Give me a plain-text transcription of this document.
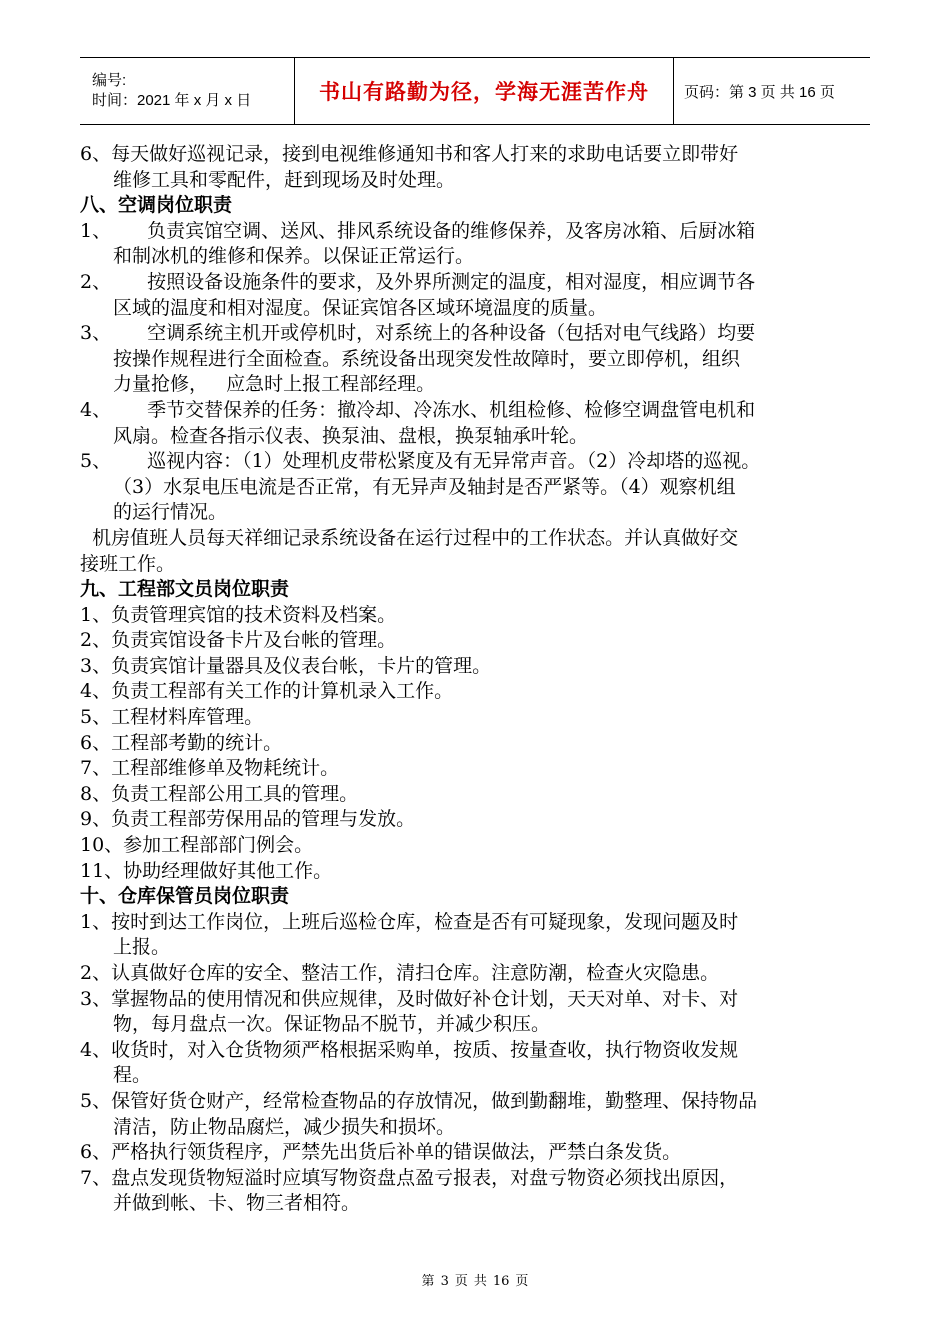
编号:
时间：2021 年 x 月 x 日	书山有路勤为径，学海无涯苦作舟 页码：第 3 页 共 16 页
6、每天做好巡视记录，接到电视维修通知书和客人打来的求助电话要立即带好
维修工具和零配件，赶到现场及时处理。
八、空调岗位职责
1、 负责宾馆空调、送风、排风系统设备的维修保养，及客房冰箱、后厨冰箱
和制冰机的维修和保养。以保证正常运行。
2、 按照设备设施条件的要求，及外界所测定的温度，相对湿度，相应调节各
区域的温度和相对湿度。保证宾馆各区域环境温度的质量。
3、 空调系统主机开或停机时，对系统上的各种设备（包括对电气线路）均要
按操作规程进行全面检查。系统设备出现突发性故障时，要立即停机，组织
力量抢修，   应急时上报工程部经理。
4、 季节交替保养的任务：撤冷却、冷冻水、机组检修、检修空调盘管电机和
风扇。检查各指示仪表、换泵油、盘根，换泵轴承叶轮。
5、 巡视内容：（1）处理机皮带松紧度及有无异常声音。（2）冷却塔的巡视。
（3）水泵电压电流是否正常，有无异声及轴封是否严紧等。（4）观察机组
的运行情况。
机房值班人员每天祥细记录系统设备在运行过程中的工作状态。并认真做好交
接班工作。
九、工程部文员岗位职责
1、负责管理宾馆的技术资料及档案。
2、负责宾馆设备卡片及台帐的管理。
3、负责宾馆计量器具及仪表台帐，卡片的管理。
4、负责工程部有关工作的计算机录入工作。
5、工程材料库管理。
6、工程部考勤的统计。
7、工程部维修单及物耗统计。
8、负责工程部公用工具的管理。
9、负责工程部劳保用品的管理与发放。
10、参加工程部部门例会。
11、协助经理做好其他工作。
十、仓库保管员岗位职责
1、按时到达工作岗位，上班后巡检仓库，检查是否有可疑现象，发现问题及时
上报。
2、认真做好仓库的安全、整洁工作，清扫仓库。注意防潮，检查火灾隐患。
3、掌握物品的使用情况和供应规律，及时做好补仓计划，天天对单、对卡、对
物，每月盘点一次。保证物品不脱节，并减少积压。
4、收货时，对入仓货物须严格根据采购单，按质、按量查收，执行物资收发规
程。
5、保管好货仓财产，经常检查物品的存放情况，做到勤翻堆，勤整理、保持物品
清洁，防止物品腐烂，减少损失和损坏。
6、严格执行领货程序，严禁先出货后补单的错误做法，严禁白条发货。
7、盘点发现货物短溢时应填写物资盘点盈亏报表，对盘亏物资必须找出原因，
并做到帐、卡、物三者相符。
第 3 页 共 16 页
